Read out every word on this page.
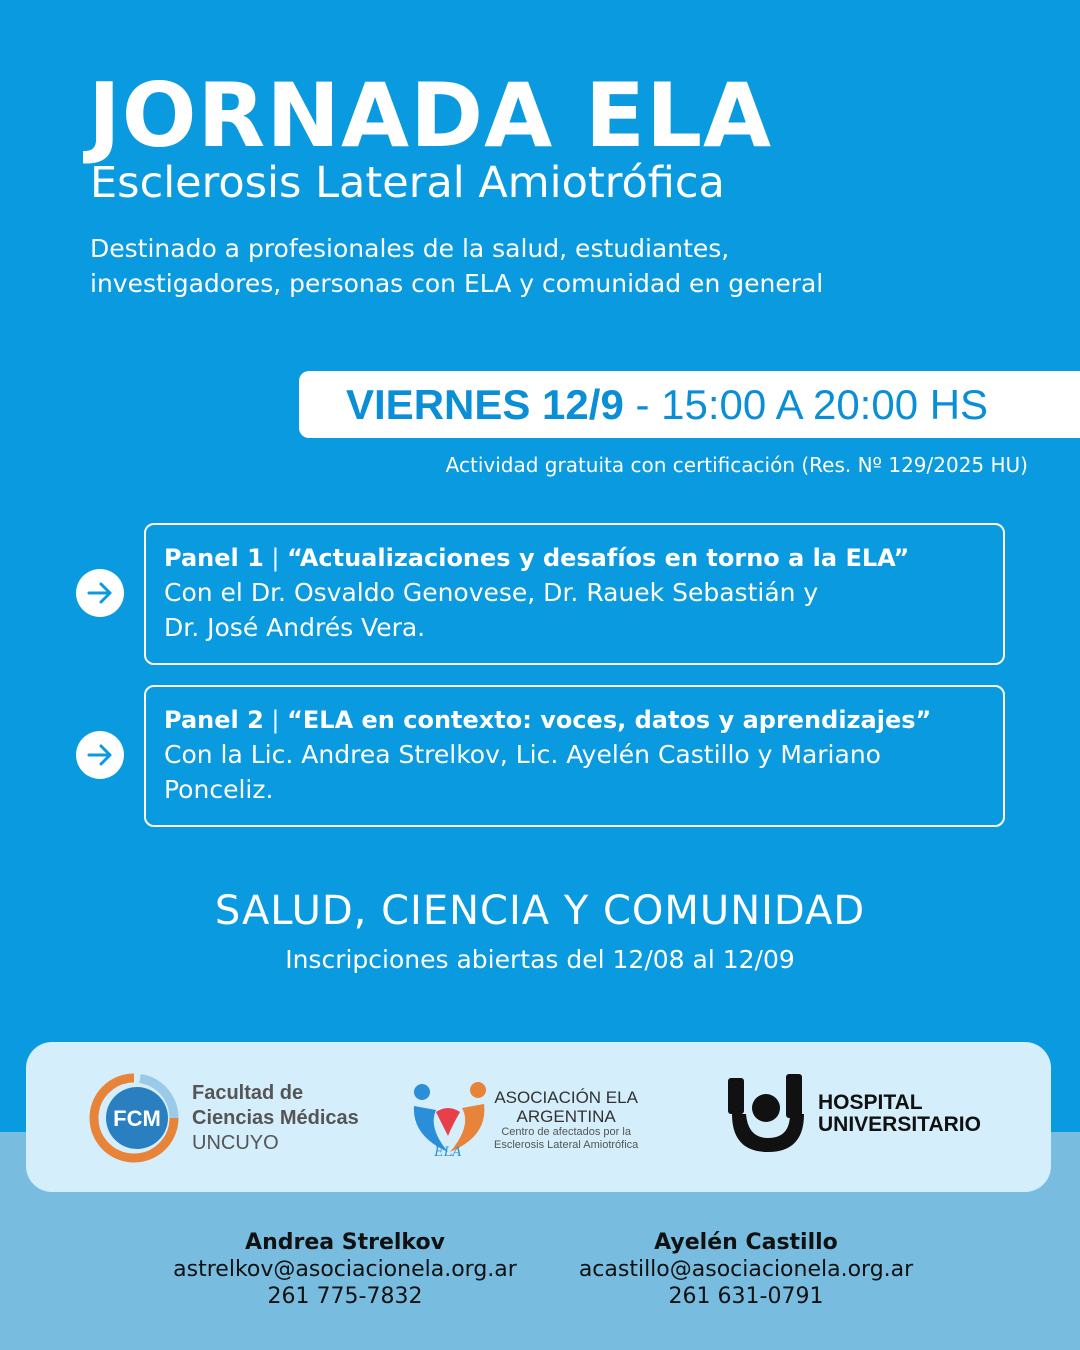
JORNADA ELA
Esclerosis Lateral Amiotrófica
Destinado a profesionales de la salud, estudiantes,
investigadores, personas con ELA y comunidad en general
VIERNES 12/9 - 15:00 A 20:00 HS
Actividad gratuita con certificación (Res. Nº 129/2025 HU)
Panel 1 | “Actualizaciones y desafíos en torno a la ELA”
Con el Dr. Osvaldo Genovese, Dr. Rauek Sebastián y
Dr. José Andrés Vera.
Panel 2 | “ELA en contexto: voces, datos y aprendizajes”
Con la Lic. Andrea Strelkov, Lic. Ayelén Castillo y Mariano
Ponceliz.
SALUD, CIENCIA Y COMUNIDAD
Inscripciones abiertas del 12/08 al 12/09
FCM
Facultad de
Ciencias Médicas
UNCUYO	ELA
ASOCIACIÓN ELA
ARGENTINA
Centro de afectados por la
Esclerosis Lateral Amiotrófica
HOSPITAL
UNIVERSITARIO
Andrea Strelkov
astrelkov@asociacionela.org.ar
261 775-7832
Ayelén Castillo
acastillo@asociacionela.org.ar
261 631-0791
